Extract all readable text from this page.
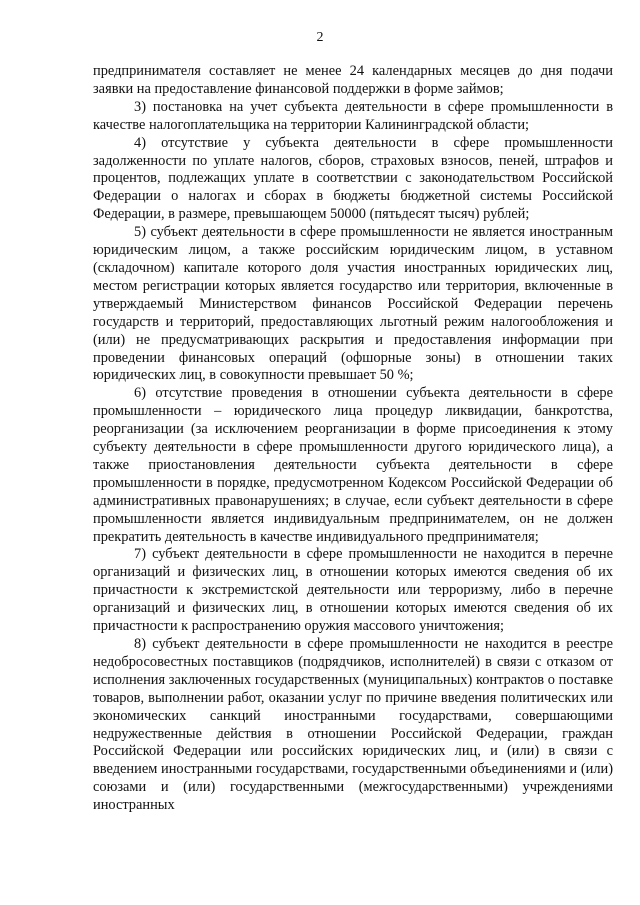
2

предпринимателя составляет не менее 24 календарных месяцев до дня подачи заявки на предоставление финансовой поддержки в форме займов;

3) постановка на учет субъекта деятельности в сфере промышленности в качестве налогоплательщика на территории Калининградской области;

4) отсутствие у субъекта деятельности в сфере промышленности задолженности по уплате налогов, сборов, страховых взносов, пеней, штрафов и процентов, подлежащих уплате в соответствии с законодательством Российской Федерации о налогах и сборах в бюджеты бюджетной системы Российской Федерации, в размере, превышающем 50000 (пятьдесят тысяч) рублей;

5) субъект деятельности в сфере промышленности не является иностранным юридическим лицом, а также российским юридическим лицом, в уставном (складочном) капитале которого доля участия иностранных юридических лиц, местом регистрации которых является государство или территория, включенные в утверждаемый Министерством финансов Российской Федерации перечень государств и территорий, предоставляющих льготный режим налогообложения и (или) не предусматривающих раскрытия и предоставления информации при проведении финансовых операций (офшорные зоны) в отношении таких юридических лиц, в совокупности превышает 50 %;

6) отсутствие проведения в отношении субъекта деятельности в сфере промышленности – юридического лица процедур ликвидации, банкротства, реорганизации (за исключением реорганизации в форме присоединения к этому субъекту деятельности в сфере промышленности другого юридического лица), а также приостановления деятельности субъекта деятельности в сфере промышленности в порядке, предусмотренном Кодексом Российской Федерации об административных правонарушениях; в случае, если субъект деятельности в сфере промышленности является индивидуальным предпринимателем, он не должен прекратить деятельность в качестве индивидуального предпринимателя;

7) субъект деятельности в сфере промышленности не находится в перечне организаций и физических лиц, в отношении которых имеются сведения об их причастности к экстремистской деятельности или терроризму, либо в перечне организаций и физических лиц, в отношении которых имеются сведения об их причастности к распространению оружия массового уничтожения;

8) субъект деятельности в сфере промышленности не находится в реестре недобросовестных поставщиков (подрядчиков, исполнителей) в связи с отказом от исполнения заключенных государственных (муниципальных) контрактов о поставке товаров, выполнении работ, оказании услуг по причине введения политических или экономических санкций иностранными государствами, совершающими недружественные действия в отношении Российской Федерации, граждан Российской Федерации или российских юридических лиц, и (или) в связи с введением иностранными государствами, государственными объединениями и (или) союзами и (или) государственными (межгосударственными) учреждениями иностранных
